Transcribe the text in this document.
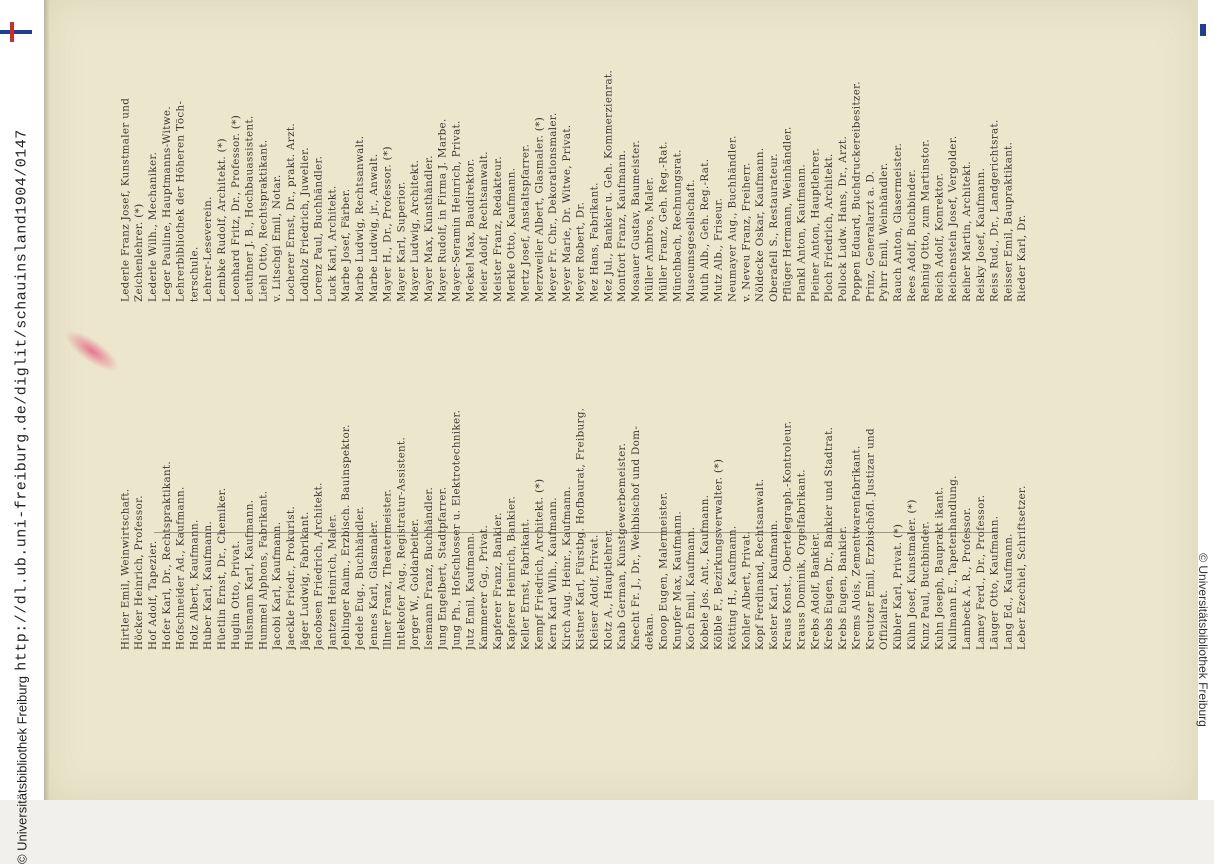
http://dl.ub.uni-freiburg.de/diglit/schauinsland1904/0147
© Universitätsbibliothek Freiburg
© Universitätsbibliothek Freiburg
Hirtler Emil, Weinwirtschaft. Höcker Heinrich, Professor. Hof Adolf, Tapezier. Hofer Karl, Dr., Rechtspraktikant. Hofschneider Ad., Kaufmann. Holz Albert, Kaufmann. Huber Karl, Kaufmann. Hüetlin Ernst, Dr., Chemiker. Huglin Otto, Privat. Hulsmann Karl, Kaufmann. Hummel Alphons, Fabrikant. Jacobi Karl, Kaufmann. Jaeckle Friedr., Prokurist. Jäger Ludwig, Fabrikant. Jacobsen Friedrich, Architekt. Jantzen Heinrich, Maler. Jeblinger Raim., Erzbisch. Bauinspektor. Jedele Eug., Buchhändler. Jennes Karl, Glasmaler. Illner Franz, Theatermeister. Intlekofer Aug., Registratur-Assistent. Jorger W., Goldarbeiter. Isemann Franz, Buchhändler. Jung Engelbert, Stadtpfarrer. Jung Ph., Hofschlosser u. Elektrotechniker. Jutz Emil, Kaufmann. Kammerer Gg., Privat. Kapferer Franz, Bankier. Kapferer Heinrich, Bankier. Keller Ernst, Fabrikant. Kempf Friedrich, Architekt. (*) Kern Karl Wilh., Kaufmann. Kirch Aug. Heinr., Kaufmann. Kistner Karl, Fürstbg. Hofbaurat, Freiburg. Kleiser Adolf, Privat. Klotz A., Hauptlehrer. Knab German, Kunstgewerbemeister. Knecht Fr. J., Dr., Weihbischof und Dom- dekan. Knoop Eugen, Malermeister. Knupfer Max, Kaufmann. Koch Emil, Kaufmann. Kobele Jos. Ant., Kaufmann. Kölble F., Bezirkungsverwalter. (*) Kötting H., Kaufmann. Kohler Albert, Privat. Kopf Ferdinand, Rechtsanwalt. Koster Karl, Kaufmann. Kraus Konst., Obertelegraph.-Kontroleur. Krauss Dominik, Orgelfabrikant. Krebs Adolf, Bankier. Krebs Eugen, Dr., Bankier und Stadtrat. Krebs Eugen, Bankier. Krems Alois, Zementwarenfabrikant. Kreutzer Emil, Erzbischöfl. Justizar und Offizialrat. Kübler Karl, Privat. (*) Kühn Josef, Kunstmaler. (*) Kunz Paul, Buchbinder. Kuhn Joseph, Bauprakt ikant. Kullmann E., Tapetenhandlung. Lambeck A. R., Professor. Lamey Ferd., Dr., Professor. Läuger Otto, Kaufmann. Lang Ed., Kaufmann. Leber Ezechiel, Schriftsetzer.
Lederle Franz Josef, Kunstmaler und Zeichenlehrer. (*) Lederle Wilh., Mechaniker. Leger Pauline, Hauptmanns-Witwe. Lehrerbibliothek der Höheren Töch- terschule. Lehrer-Leseverein. Lembke Rudolf, Architekt. (*) Leonhard Fritz, Dr., Professor. (*) Leuthner J. B., Hochbauassistent. Liehl Otto, Rechtspraktikant. v. Litschgi Emil, Notar. Locherer Ernst, Dr., prakt. Arzt. Lodholz Friedrich, Juwelier. Lorenz Paul, Buchhändler. Luck Karl, Architekt. Marbe Josef, Färber. Marbe Ludwig, Rechtsanwalt. Marbe Ludwig, jr., Anwalt. Mayer H., Dr., Professor. (*) Mayer Karl, Superior. Mayer Ludwig, Architekt. Mayer Max, Kunsthändler. Mayer Rudolf, in Firma J. Marbe. Mayer-Seramin Heinrich, Privat. Meckel Max, Baudirektor. Meier Adolf, Rechtsanwalt. Meister Franz, Redakteur. Merkle Otto, Kaufmann. Mertz Josef, Anstaltspfarrer. Merzweiler Albert, Glasmaler. (*) Meyer Fr. Chr., Dekorationsmaler. Meyer Marie, Dr. Witwe, Privat. Meyer Robert, Dr. Mez Hans, Fabrikant. Mez Jul., Bankier u. Geh. Kommerzienrat. Montfort Franz, Kaufmann. Mosauer Gustav, Baumeister. Müller Ambros, Maler. Müller Franz, Geh. Reg.-Rat. Münchbach, Rechnungsrat. Museumsgesellschaft. Muth Alb., Geh. Reg.-Rat. Mutz Alb., Friseur. Neumayer Aug., Buchhändler. v. Neveu Franz, Freiherr. Nöldecke Oskar, Kaufmann. Oberafell S., Restaurateur. Pflüger Hermann, Weinhändler. Plankl Anton, Kaufmann. Pleiner Anton, Hauptlehrer. Ploch Friedrich, Architekt. Pollock Ludw. Hans, Dr., Arzt. Poppen Eduard, Buchdruckereibesitzer. Prinz, Generalarzt a. D. Pyhrr Emil, Weinhändler. Rauch Anton, Glasermeister. Rees Adolf, Buchbinder. Rehnig Otto, zum Martinstor. Reich Adolf, Konrektor. Reichenstein Josef, Vergolder. Reiher Martin, Architekt. Reisky Josef, Kaufmann. Reiss Rud., Dr., Landgerichtsrat. Reisser Emil, Baupraktikant. Rieder Karl, Dr.
